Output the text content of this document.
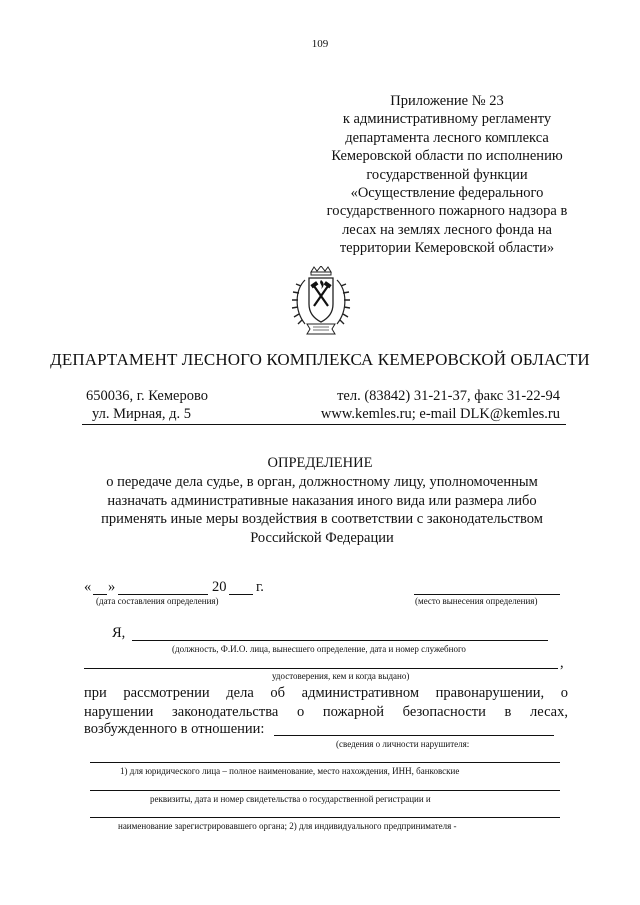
109
Приложение № 23
к административному регламенту
департамента лесного комплекса
Кемеровской области по исполнению
государственной функции
«Осуществление федерального
государственного пожарного надзора в
лесах на землях лесного фонда на
территории Кемеровской области»
ДЕПАРТАМЕНТ ЛЕСНОГО КОМПЛЕКСА КЕМЕРОВСКОЙ ОБЛАСТИ
650036, г. Кемерово
ул. Мирная, д. 5
тел. (83842) 31-21-37, факс 31-22-94
www.kemles.ru; e-mail DLK@kemles.ru
ОПРЕДЕЛЕНИЕ
о передаче дела судье, в орган, должностному лицу, уполномоченным
назначать административные наказания иного вида или размера либо
применять иные меры воздействия в соответствии с законодательством
Российской Федерации
« »	20 г.
(дата составления определения)	(место вынесения определения)
Я,
(должность, Ф.И.О. лица, вынесшего определение, дата и номер служебного
,
удостоверения, кем и когда выдано)
при рассмотрении дела об административном правонарушении, о
нарушении законодательства о пожарной безопасности в лесах,
возбужденного в отношении:
(сведения о личности нарушителя:
1) для юридического лица – полное наименование, место нахождения, ИНН, банковские
реквизиты, дата и номер свидетельства о государственной регистрации и
наименование зарегистрировавшего органа; 2) для индивидуального предпринимателя -
